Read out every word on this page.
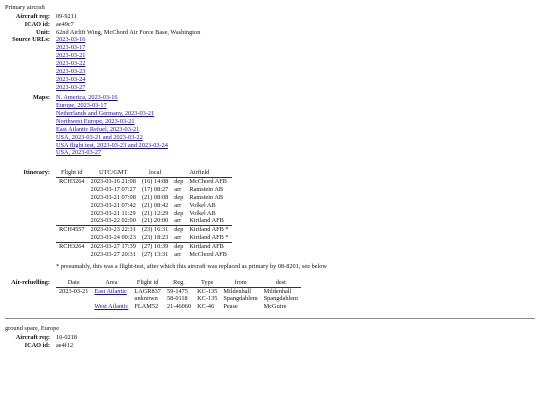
Primary aircraft
Aircraft reg: 09-9211
ICAO id: ae49c7
Unit: 62nd Airlift Wing, McChord Air Force Base, Washington
Source URLs: 2023-03-16
2023-03-17
2023-03-21
2023-03-22
2023-03-23
2023-03-24
2023-03-27
Maps: N. America, 2023-03-16
Europe, 2023-03-17
Netherlands and Germany, 2023-03-21
Northwest Europe, 2023-03-21
East Atlantic Refuel, 2023-03-21
USA, 2023-03-21 and 2023-03-22
USA flight test, 2023-03-23 and 2023-03-24
USA, 2023-03-27
Itinerary:	Flight id	UTC/GMT	local		Airfield
RCH3264	2023-03-16 21:08	(16) 14:08	dep	McChord AFB
	2023-03-17 07:27	(17) 08:27	arr	Ramstein AB
	2023-03-21 07:08	(21) 08:08	dep	Ramstein AB
	2023-03-21 07:42	(21) 08:42	arr	Volkel AB
	2023-03-21 11:29	(21) 12:29	dep	Volkel AB
	2023-03-22 02:00	(21) 20:00	arr	Kirtland AFB
RCH4557	2023-03-23 22:31	(23) 16:31	dep	Kirtland AFB *
	2023-03-24 00:23	(23) 18:23	arr	Kirtland AFB *
RCH3264	2023-03-27 17:39	(27) 10:39	dep	Kirtland AFB
	2023-03-27 20:31	(27) 13:31	arr	McChord AFB
* presumably, this was a flight-test, after which this aircraft was replaced as primary by 08-8201, see below
Air-refuelling:	Date	Area	Flight id	Reg.	Type	from	dest
2023-03-21	East Atlantic	LAGR837	59-1475	KC-135	Mildenhall	Mildenhall
		unknown	58-0118	KC-135	Spangdahlem	Spangdahlem
	West Atlantic	FLAM52	21-46060	KC-46	Pease	McGuire
ground spare, Europe
Aircraft reg: 10-0218
ICAO id: ae4f12
